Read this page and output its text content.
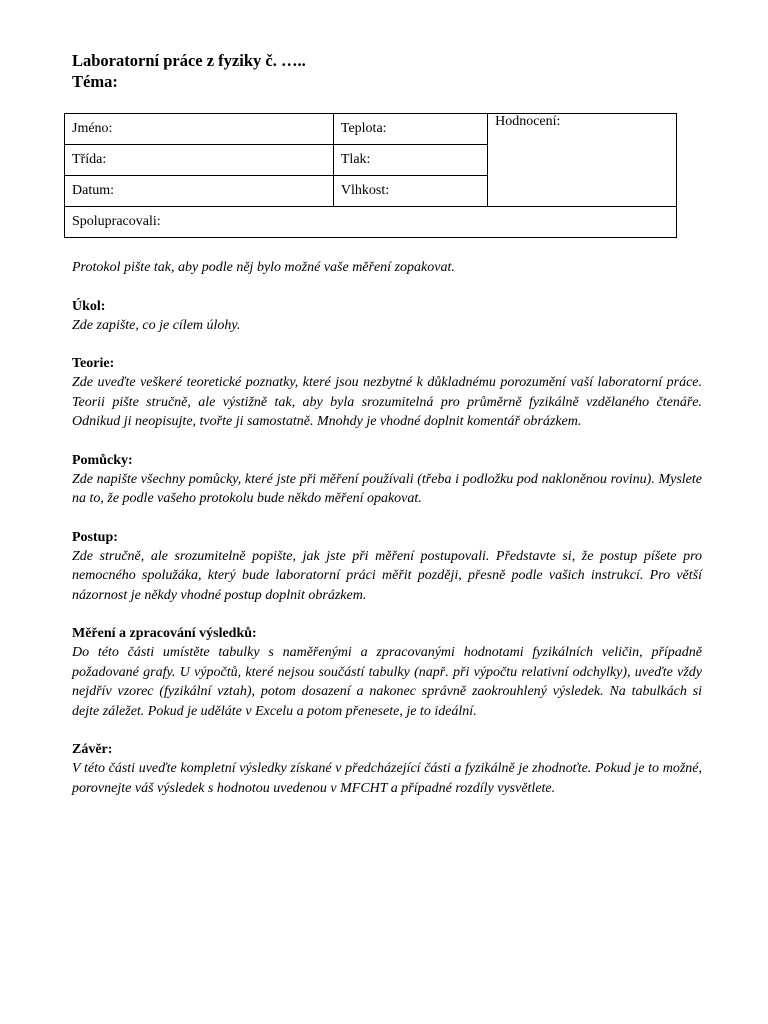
Laboratorní práce z fyziky č. …..

Téma:

Jméno:	Teplota:	Hodnocení:
Třída:	Tlak:	
Datum:	Vlhkost:	
Spolupracovali:		

Protokol pište tak, aby podle něj bylo možné vaše měření zopakovat.

Úkol:

Zde zapište, co je cílem úlohy.

Teorie:

Zde uveďte veškeré teoretické poznatky, které jsou nezbytné k důkladnému porozumění vaší laboratorní práce. Teorii pište stručně, ale výstižně tak, aby byla srozumitelná pro průměrně fyzikálně vzdělaného čtenáře. Odnikud ji neopisujte, tvořte ji samostatně. Mnohdy je vhodné doplnit komentář obrázkem.

Pomůcky:

Zde napište všechny pomůcky, které jste při měření používali (třeba i podložku pod nakloněnou rovinu). Myslete na to, že podle vašeho protokolu bude někdo měření opakovat.

Postup:

Zde stručně, ale srozumitelně popište, jak jste při měření postupovali. Představte si, že postup píšete pro nemocného spolužáka, který bude laboratorní práci měřit později, přesně podle vašich instrukcí. Pro větší názornost je někdy vhodné postup doplnit obrázkem.

Měření a zpracování výsledků:

Do této části umístěte tabulky s naměřenými a zpracovanými hodnotami fyzikálních veličin, případně požadované grafy. U výpočtů, které nejsou součástí tabulky (např. při výpočtu relativní odchylky), uveďte vždy nejdřív vzorec (fyzikální vztah), potom dosazení a nakonec správně zaokrouhlený výsledek. Na tabulkách si dejte záležet. Pokud je uděláte v Excelu a potom přenesete, je to ideální.

Závěr:

V této části uveďte kompletní výsledky získané v předcházející části a fyzikálně je zhodnoťte. Pokud je to možné, porovnejte váš výsledek s hodnotou uvedenou v MFCHT a případné rozdíly vysvětlete.
